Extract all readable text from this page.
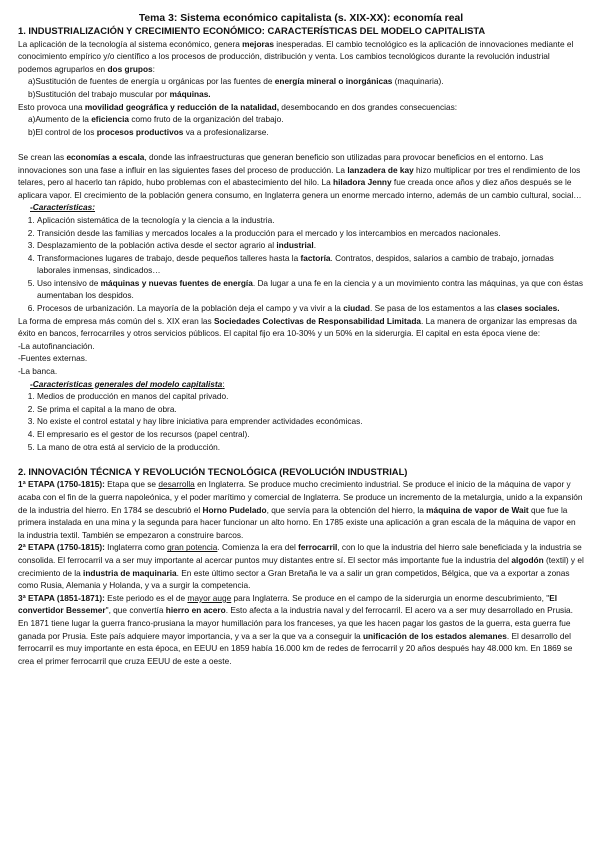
Tema 3: Sistema económico capitalista (s. XIX-XX): economía real

1. INDUSTRIALIZACIÓN Y CRECIMIENTO ECONÓMICO: CARACTERÍSTICAS DEL MODELO CAPITALISTA

La aplicación de la tecnología al sistema económico, genera mejoras inesperadas. El cambio tecnológico es la aplicación de innovaciones mediante el conocimiento empírico y/o científico a los procesos de producción, distribución y venta. Los cambios tecnológicos durante la revolución industrial podemos agruparlos en dos grupos:

a)Sustitución de fuentes de energía u orgánicas por las fuentes de energía mineral o inorgánicas (maquinaria).

b)Sustitución del trabajo muscular por máquinas.

Esto provoca una movilidad geográfica y reducción de la natalidad, desembocando en dos grandes consecuencias:

a)Aumento de la eficiencia como fruto de la organización del trabajo.

b)El control de los procesos productivos va a profesionalizarse.

Se crean las economías a escala, donde las infraestructuras que generan beneficio son utilizadas para provocar beneficios en el entorno. Las innovaciones son una fase a influir en las siguientes fases del proceso de producción. La lanzadera de kay hizo multiplicar por tres el rendimiento de los telares, pero al hacerlo tan rápido, hubo problemas con el abastecimiento del hilo. La hiladora Jenny fue creada once años y diez años después se le aplicara vapor. El crecimiento de la población genera consumo, en Inglaterra genera un enorme mercado interno, además de un cambio cultural, social…

-Características:

1. Aplicación sistemática de la tecnología y la ciencia a la industria.
2. Transición desde las familias y mercados locales a la producción para el mercado y los intercambios en mercados nacionales.
3. Desplazamiento de la población activa desde el sector agrario al industrial.
4. Transformaciones lugares de trabajo, desde pequeños talleres hasta la factoría. Contratos, despidos, salarios a cambio de trabajo, jornadas laborales inmensas, sindicados…
5. Uso intensivo de máquinas y nuevas fuentes de energía. Da lugar a una fe en la ciencia y a un movimiento contra las máquinas, ya que con éstas aumentaban los despidos.
6. Procesos de urbanización. La mayoría de la población deja el campo y va vivir a la ciudad. Se pasa de los estamentos a las clases sociales.

La forma de empresa más común del s. XIX eran las Sociedades Colectivas de Responsabilidad Limitada. La manera de organizar las empresas da éxito en bancos, ferrocarriles y otros servicios públicos. El capital fijo era 10-30% y un 50% en la siderurgia. El capital en esta época viene de:

-La autofinanciación.

-Fuentes externas.

-La banca.

-Características generales del modelo capitalista:

1. Medios de producción en manos del capital privado.
2. Se prima el capital a la mano de obra.
3. No existe el control estatal y hay libre iniciativa para emprender actividades económicas.
4. El empresario es el gestor de los recursos (papel central).
5. La mano de otra está al servicio de la producción.

2. INNOVACIÓN TÉCNICA Y REVOLUCIÓN TECNOLÓGICA (REVOLUCIÓN INDUSTRIAL)

1ª ETAPA (1750-1815): Etapa que se desarrolla en Inglaterra. Se produce mucho crecimiento industrial. Se produce el inicio de la máquina de vapor y acaba con el fin de la guerra napoleónica, y el poder marítimo y comercial de Inglaterra. Se produce un incremento de la metalurgia, unido a la expansión de la industria del hierro. En 1784 se descubrió el Horno Pudelado, que servía para la obtención del hierro, la máquina de vapor de Wait que fue la primera instalada en una mina y la segunda para hacer funcionar un alto horno. En 1785 existe una aplicación a gran escala de la máquina de vapor en la industria textil. También se empezaron a construire barcos.

2ª ETAPA (1750-1815): Inglaterra como gran potencia. Comienza la era del ferrocarril, con lo que la industria del hierro sale beneficiada y la industria se consolida. El ferrocarril va a ser muy importante al acercar puntos muy distantes entre sí. El sector más importante fue la industria del algodón (textil) y el crecimiento de la industria de maquinaria. En este último sector a Gran Bretaña le va a salir un gran competidos, Bélgica, que va a exportar a zonas como Rusia, Alemania y Holanda, y va a surgir la competencia.

3ª ETAPA (1851-1871): Este periodo es el de mayor auge para Inglaterra. Se produce en el campo de la siderurgia un enorme descubrimiento, "El convertidor Bessemer", que convertía hierro en acero. Esto afecta a la industria naval y del ferrocarril. El acero va a ser muy desarrollado en Prusia. En 1871 tiene lugar la guerra franco-prusiana la mayor humillación para los franceses, ya que les hacen pagar los gastos de la guerra, esta guerra fue ganada por Prusia. Este país adquiere mayor importancia, y va a ser la que va a conseguir la unificación de los estados alemanes. El desarrollo del ferrocarril es muy importante en esta época, en EEUU en 1859 había 16.000 km de redes de ferrocarril y 20 años después hay 48.000 km. En 1869 se crea el primer ferrocarril que cruza EEUU de este a oeste.
